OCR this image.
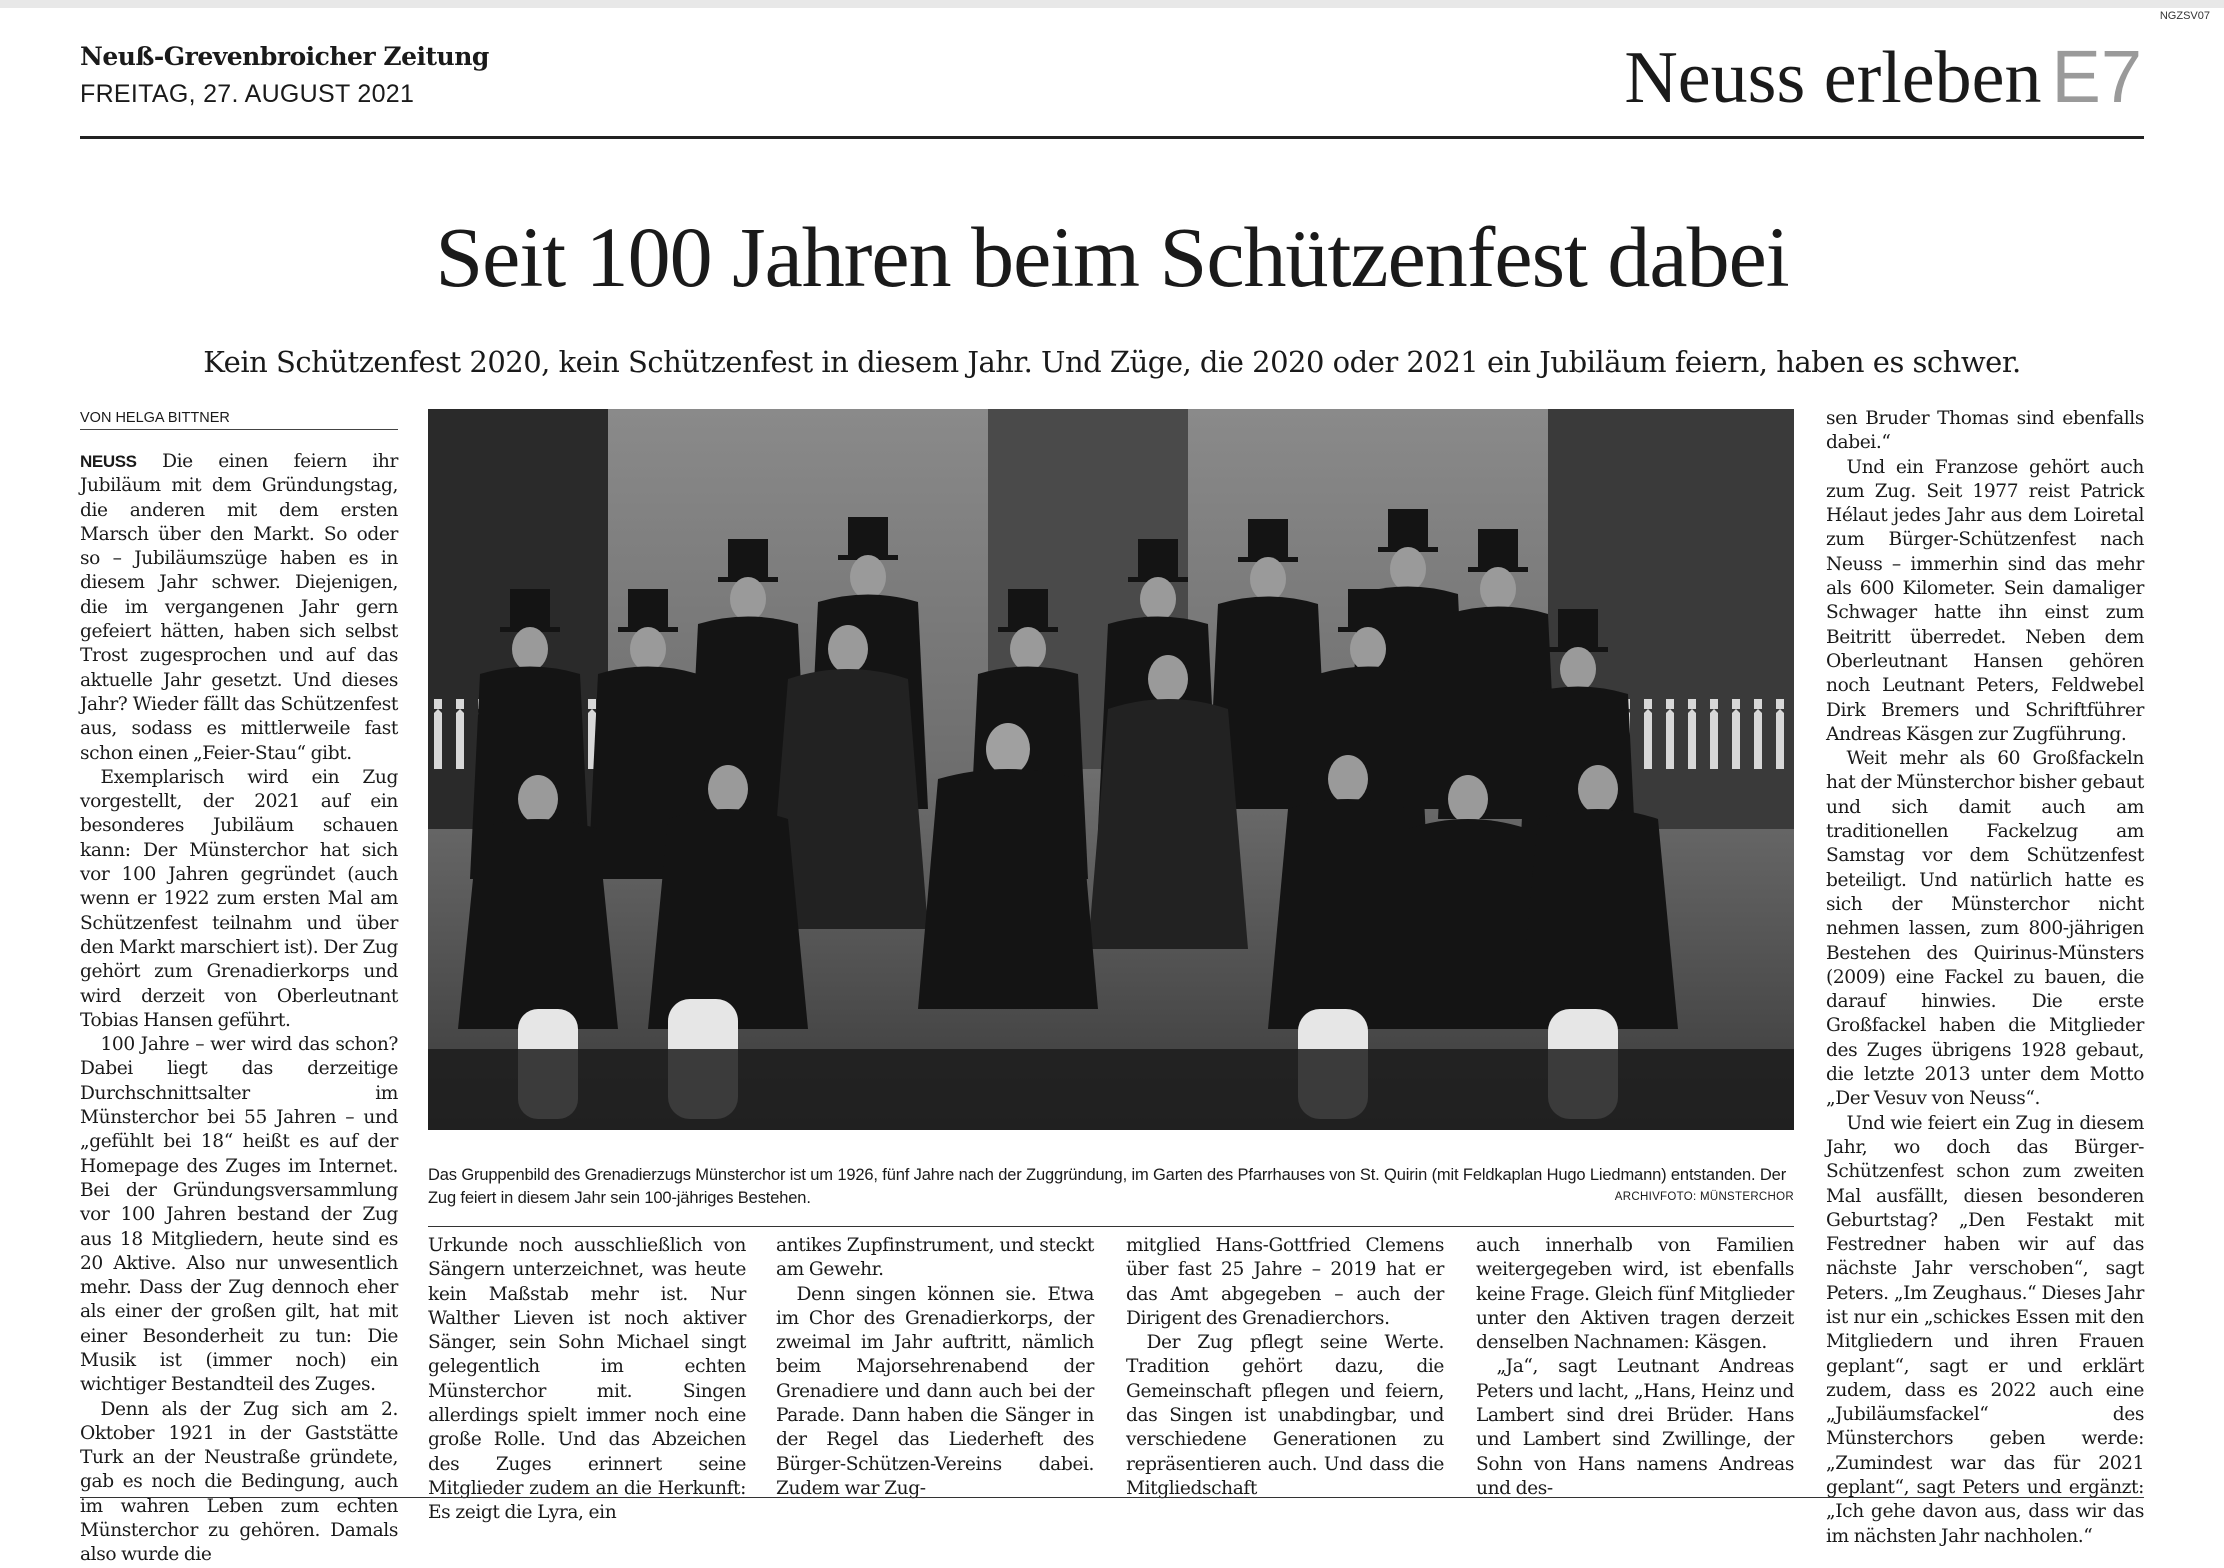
NGZSV07
Neuß-Grevenbroicher Zeitung
FREITAG, 27. AUGUST 2021	Neuss erleben E7
Seit 100 Jahren beim Schützenfest dabei
Kein Schützenfest 2020, kein Schützenfest in diesem Jahr. Und Züge, die 2020 oder 2021 ein Jubiläum feiern, haben es schwer.
VON HELGA BITTNER

NEUSS Die einen feiern ihr Jubiläum mit dem Gründungstag, die anderen mit dem ersten Marsch über den Markt. So oder so – Jubiläumszüge haben es in diesem Jahr schwer. Diejenigen, die im vergangenen Jahr gern gefeiert hätten, haben sich selbst Trost zugesprochen und auf das aktuelle Jahr gesetzt. Und dieses Jahr? Wieder fällt das Schützenfest aus, sodass es mittlerweile fast schon einen „Feier-Stau“ gibt.

Exemplarisch wird ein Zug vorgestellt, der 2021 auf ein besonderes Jubiläum schauen kann: Der Münsterchor hat sich vor 100 Jahren gegründet (auch wenn er 1922 zum ersten Mal am Schützenfest teilnahm und über den Markt marschiert ist). Der Zug gehört zum Grenadierkorps und wird derzeit von Oberleutnant Tobias Hansen geführt.

100 Jahre – wer wird das schon? Dabei liegt das derzeitige Durchschnittsalter im Münsterchor bei 55 Jahren – und „gefühlt bei 18“ heißt es auf der Homepage des Zuges im Internet. Bei der Gründungsversammlung vor 100 Jahren bestand der Zug aus 18 Mitgliedern, heute sind es 20 Aktive. Also nur unwesentlich mehr. Dass der Zug dennoch eher als einer der großen gilt, hat mit einer Besonderheit zu tun: Die Musik ist (immer noch) ein wichtiger Bestandteil des Zuges.

Denn als der Zug sich am 2. Oktober 1921 in der Gaststätte Turk an der Neustraße gründete, gab es noch die Bedingung, auch im wahren Leben zum echten Münsterchor zu gehören. Damals also wurde die

Das Gruppenbild des Grenadierzugs Münsterchor ist um 1926, fünf Jahre nach der Zuggründung, im Garten des Pfarrhauses von St. Quirin (mit Feldkaplan Hugo Liedmann) entstanden. Der Zug feiert in diesem Jahr sein 100-jähriges Bestehen.	ARCHIVFOTO: MÜNSTERCHOR

Urkunde noch ausschließlich von Sängern unterzeichnet, was heute kein Maßstab mehr ist. Nur Walther Lieven ist noch aktiver Sänger, sein Sohn Michael singt gelegentlich im echten Münsterchor mit. Singen allerdings spielt immer noch eine große Rolle. Und das Abzeichen des Zuges erinnert seine Mitglieder zudem an die Herkunft: Es zeigt die Lyra, ein

antikes Zupfinstrument, und steckt am Gewehr.

Denn singen können sie. Etwa im Chor des Grenadierkorps, der zweimal im Jahr auftritt, nämlich beim Majorsehrenabend der Grenadiere und dann auch bei der Parade. Dann haben die Sänger in der Regel das Liederheft des Bürger-Schützen-Vereins dabei. Zudem war Zug-

mitglied Hans-Gottfried Clemens über fast 25 Jahre – 2019 hat er das Amt abgegeben – auch der Dirigent des Grenadierchors.

Der Zug pflegt seine Werte. Tradition gehört dazu, die Gemeinschaft pflegen und feiern, das Singen ist unabdingbar, und verschiedene Generationen zu repräsentieren auch. Und dass die Mitgliedschaft

auch innerhalb von Familien weitergegeben wird, ist ebenfalls keine Frage. Gleich fünf Mitglieder unter den Aktiven tragen derzeit denselben Nachnamen: Käsgen.

„Ja“, sagt Leutnant Andreas Peters und lacht, „Hans, Heinz und Lambert sind drei Brüder. Hans und Lambert sind Zwillinge, der Sohn von Hans namens Andreas und des-

sen Bruder Thomas sind ebenfalls dabei.“

Und ein Franzose gehört auch zum Zug. Seit 1977 reist Patrick Hélaut jedes Jahr aus dem Loiretal zum Bürger-Schützenfest nach Neuss – immerhin sind das mehr als 600 Kilometer. Sein damaliger Schwager hatte ihn einst zum Beitritt überredet. Neben dem Oberleutnant Hansen gehören noch Leutnant Peters, Feldwebel Dirk Bremers und Schriftführer Andreas Käsgen zur Zugführung.

Weit mehr als 60 Großfackeln hat der Münsterchor bisher gebaut und sich damit auch am traditionellen Fackelzug am Samstag vor dem Schützenfest beteiligt. Und natürlich hatte es sich der Münsterchor nicht nehmen lassen, zum 800-jährigen Bestehen des Quirinus-Münsters (2009) eine Fackel zu bauen, die darauf hinwies. Die erste Großfackel haben die Mitglieder des Zuges übrigens 1928 gebaut, die letzte 2013 unter dem Motto „Der Vesuv von Neuss“.

Und wie feiert ein Zug in diesem Jahr, wo doch das Bürger-Schützenfest schon zum zweiten Mal ausfällt, diesen besonderen Geburtstag? „Den Festakt mit Festredner haben wir auf das nächste Jahr verschoben“, sagt Peters. „Im Zeughaus.“ Dieses Jahr ist nur ein „schickes Essen mit den Mitgliedern und ihren Frauen geplant“, sagt er und erklärt zudem, dass es 2022 auch eine „Jubiläumsfackel“ des Münsterchors geben werde: „Zumindest war das für 2021 geplant“, sagt Peters und ergänzt: „Ich gehe davon aus, dass wir das im nächsten Jahr nachholen.“
